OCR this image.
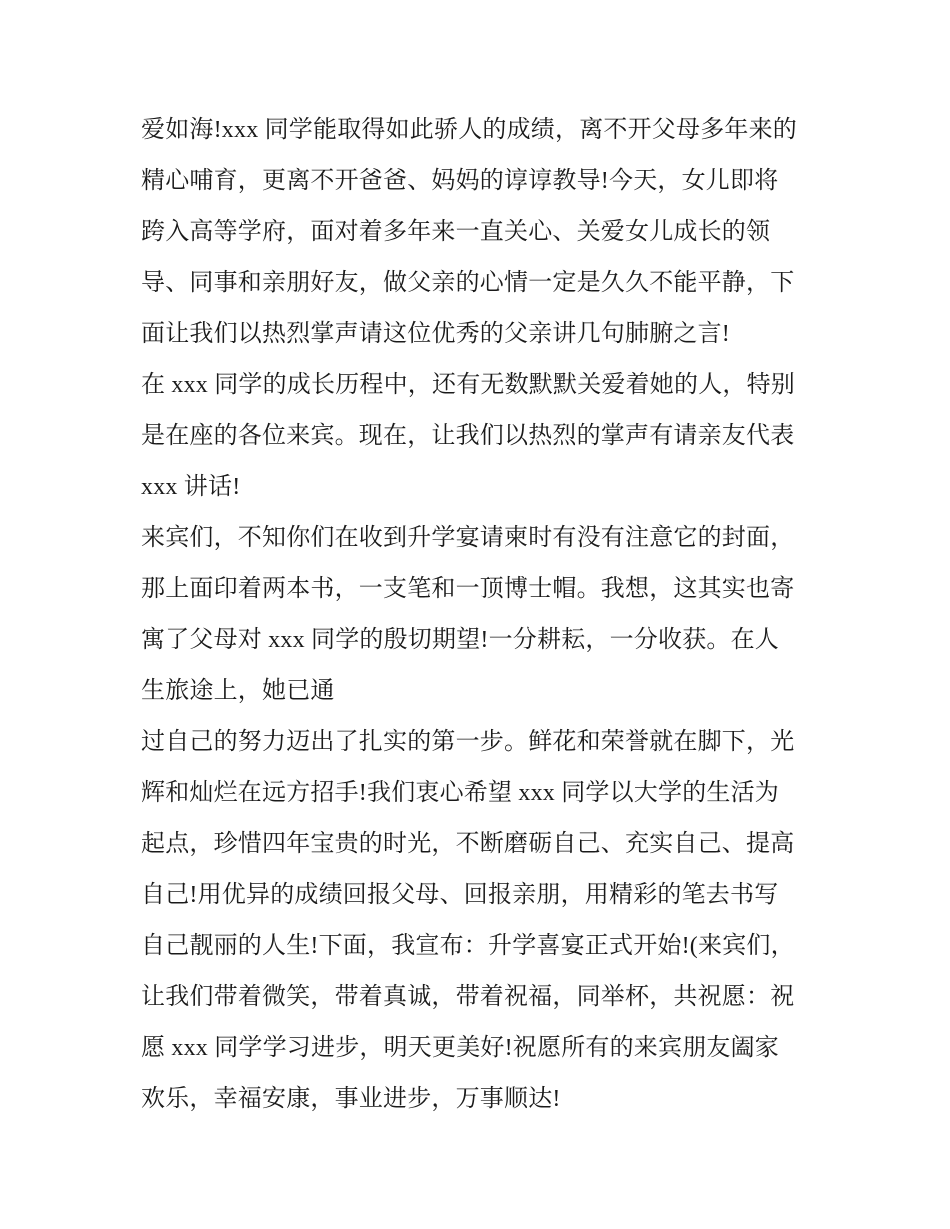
爱如海!xxx 同学能取得如此骄人的成绩，离不开父母多年来的
精心哺育，更离不开爸爸、妈妈的谆谆教导!今天，女儿即将
跨入高等学府，面对着多年来一直关心、关爱女儿成长的领
导、同事和亲朋好友，做父亲的心情一定是久久不能平静，下
面让我们以热烈掌声请这位优秀的父亲讲几句肺腑之言!
在 xxx 同学的成长历程中，还有无数默默关爱着她的人，特别
是在座的各位来宾。现在，让我们以热烈的掌声有请亲友代表
xxx 讲话!
来宾们，不知你们在收到升学宴请柬时有没有注意它的封面，
那上面印着两本书，一支笔和一顶博士帽。我想，这其实也寄
寓了父母对 xxx 同学的殷切期望!一分耕耘，一分收获。在人
生旅途上，她已通
过自己的努力迈出了扎实的第一步。鲜花和荣誉就在脚下，光
辉和灿烂在远方招手!我们衷心希望 xxx 同学以大学的生活为
起点，珍惜四年宝贵的时光，不断磨砺自己、充实自己、提高
自己!用优异的成绩回报父母、回报亲朋，用精彩的笔去书写
自己靓丽的人生!下面，我宣布：升学喜宴正式开始!(来宾们，
让我们带着微笑，带着真诚，带着祝福，同举杯，共祝愿：祝
愿 xxx 同学学习进步，明天更美好!祝愿所有的来宾朋友阖家
欢乐，幸福安康，事业进步，万事顺达!
